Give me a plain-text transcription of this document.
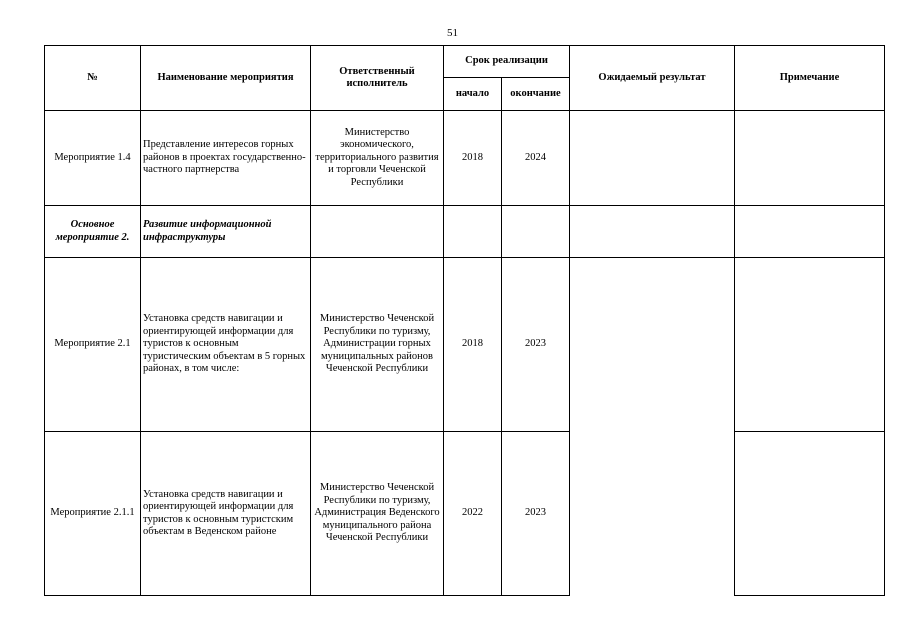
51
№	Наименование мероприятия	Ответственный исполнитель	Срок реализации		Ожидаемый результат	Примечание
			начало	окончание		
Мероприятие 1.4	Представление интересов горных районов в проектах государственно-частного партнерства	Министерство экономического, территориального развития и торговли Чеченской Республики	2018	2024		
Основное мероприятие 2.	Развитие информационной инфраструктуры					
Мероприятие 2.1	Установка средств навигации и ориентирующей информации для туристов к основным туристическим объектам в 5 горных районах, в том числе:	Министерство Чеченской Республики по туризму, Администрации горных муниципальных районов Чеченской Республики	2018	2023		
Мероприятие 2.1.1	Установка средств навигации и ориентирующей информации для туристов к основным туристским объектам в Веденском районе	Министерство Чеченской Республики по туризму, Администрация Веденского муниципального района Чеченской Республики	2022	2023		
